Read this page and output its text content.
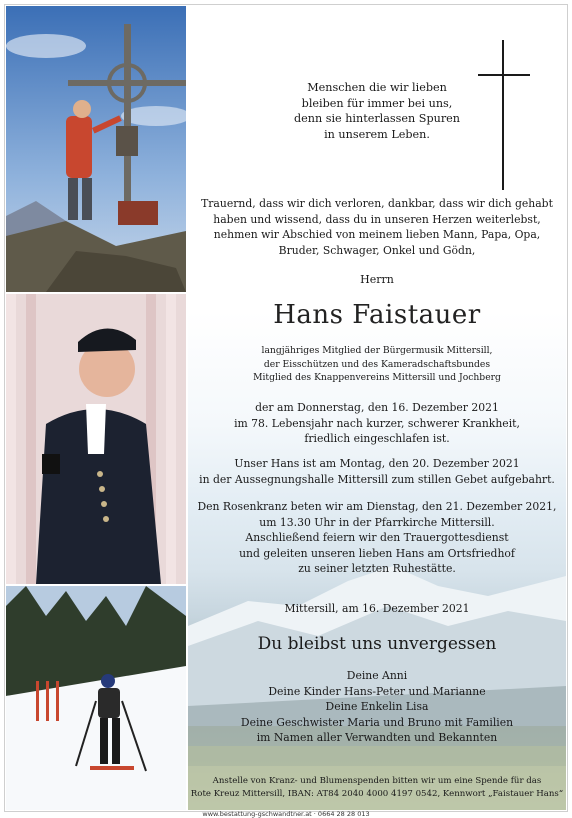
Menschen die wir lieben
bleiben für immer bei uns,
denn sie hinterlassen Spuren
in unserem Leben.
Trauernd, dass wir dich verloren, dankbar, dass wir dich gehabt
haben und wissend, dass du in unseren Herzen weiterlebst,
nehmen wir Abschied von meinem lieben Mann, Papa, Opa,
Bruder, Schwager, Onkel und Gödn,
Herrn
Hans Faistauer
langjähriges Mitglied der Bürgermusik Mittersill,
der Eisschützen und des Kameradschaftsbundes
Mitglied des Knappenvereins Mittersill und Jochberg
der am Donnerstag, den 16. Dezember 2021
im 78. Lebensjahr nach kurzer, schwerer Krankheit,
friedlich eingeschlafen ist.
Unser Hans ist am Montag, den 20. Dezember 2021
in der Aussegnungshalle Mittersill zum stillen Gebet aufgebahrt.
Den Rosenkranz beten wir am Dienstag, den 21. Dezember 2021,
um 13.30 Uhr in der Pfarrkirche Mittersill.
Anschließend feiern wir den Trauergottesdienst
und geleiten unseren lieben Hans am Ortsfriedhof
zu seiner letzten Ruhestätte.
Mittersill, am 16. Dezember 2021
Du bleibst uns unvergessen
Deine Anni
Deine Kinder Hans-Peter und Marianne
Deine Enkelin Lisa
Deine Geschwister Maria und Bruno mit Familien
im Namen aller Verwandten und Bekannten
Anstelle von Kranz- und Blumenspenden bitten wir um eine Spende für das
Rote Kreuz Mittersill, IBAN: AT84 2040 4000 4197 0542, Kennwort „Faistauer Hans“
www.bestattung-gschwandtner.at · 0664 28 28 013
